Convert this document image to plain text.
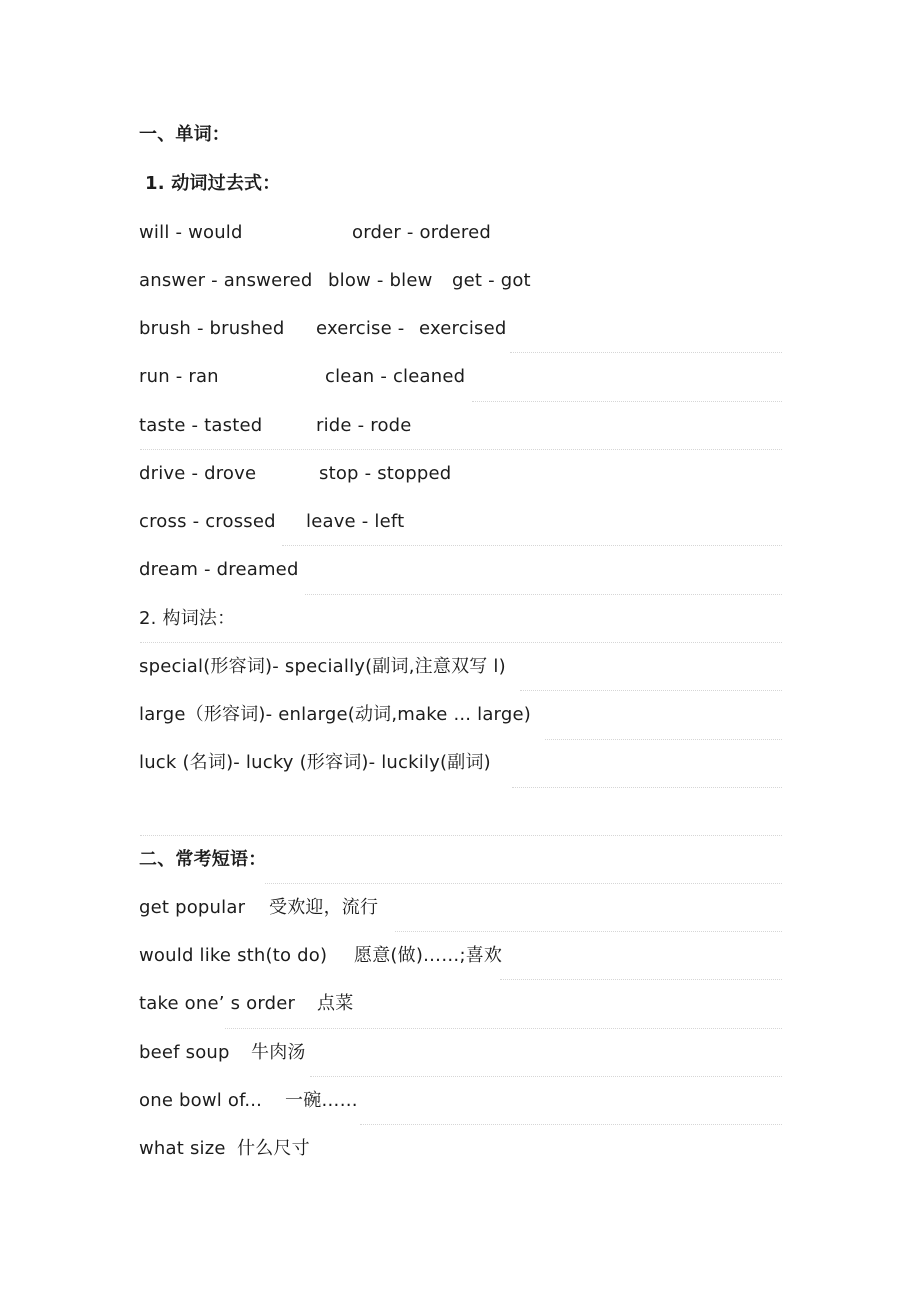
一、单词：
1. 动词过去式：
will - would	order - ordered
answer - answered blow - blew get - got
brush - brushed exercise - exercised
run - ran	clean - cleaned
taste - tasted	ride - rode
drive - drove	stop - stopped
cross - crossed leave - left
dream - dreamed
2. 构词法：
special(形容词)- specially(副词,注意双写 l)
large（形容词)- enlarge(动词,make ... large)
luck (名词)- lucky (形容词)- luckily(副词)
二、常考短语：
get popular 受欢迎，流行
would like sth(to do) 愿意(做)……;喜欢
take one’ s order 点菜
beef soup 牛肉汤
one bowl of... 一碗……
what size 什么尺寸
